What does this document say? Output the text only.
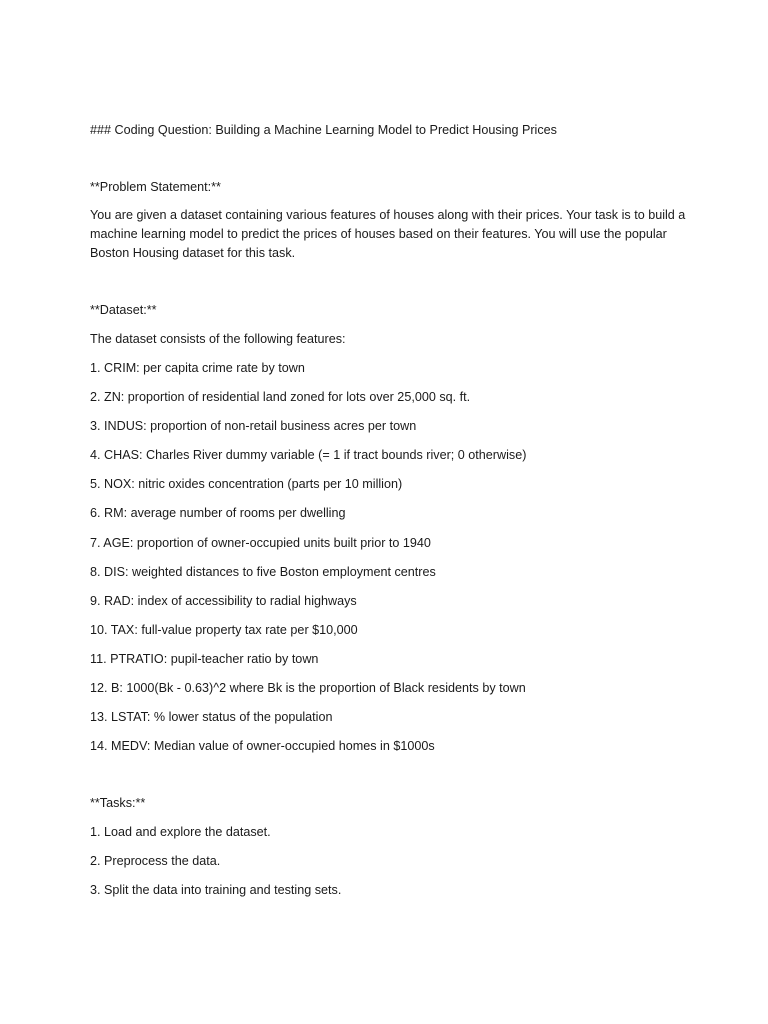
### Coding Question: Building a Machine Learning Model to Predict Housing Prices

**Problem Statement:**

You are given a dataset containing various features of houses along with their prices. Your task is to build a machine learning model to predict the prices of houses based on their features. You will use the popular Boston Housing dataset for this task.

**Dataset:**

The dataset consists of the following features:

1. CRIM: per capita crime rate by town
2. ZN: proportion of residential land zoned for lots over 25,000 sq. ft.
3. INDUS: proportion of non-retail business acres per town
4. CHAS: Charles River dummy variable (= 1 if tract bounds river; 0 otherwise)
5. NOX: nitric oxides concentration (parts per 10 million)
6. RM: average number of rooms per dwelling
7. AGE: proportion of owner-occupied units built prior to 1940
8. DIS: weighted distances to five Boston employment centres
9. RAD: index of accessibility to radial highways
10. TAX: full-value property tax rate per $10,000
11. PTRATIO: pupil-teacher ratio by town
12. B: 1000(Bk - 0.63)^2 where Bk is the proportion of Black residents by town
13. LSTAT: % lower status of the population
14. MEDV: Median value of owner-occupied homes in $1000s

**Tasks:**

1. Load and explore the dataset.
2. Preprocess the data.
3. Split the data into training and testing sets.
